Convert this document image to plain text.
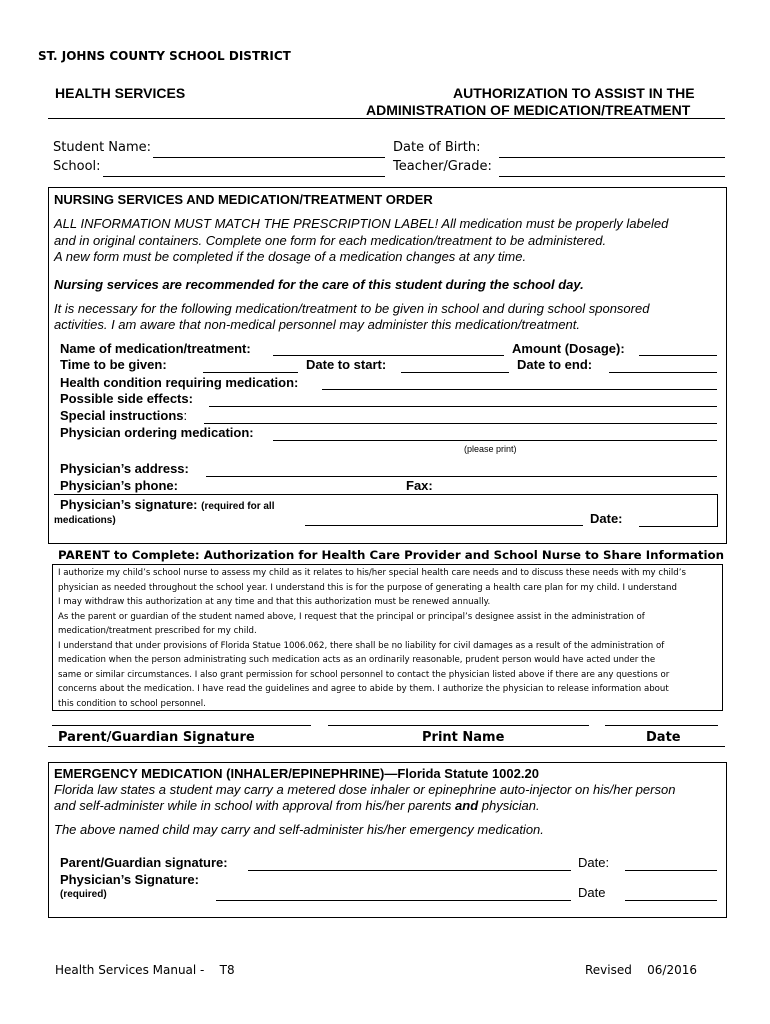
ST. JOHNS COUNTY SCHOOL DISTRICT
HEALTH SERVICES	AUTHORIZATION TO ASSIST IN THE
ADMINISTRATION OF MEDICATION/TREATMENT
Student Name:	Date of Birth:
School:	Teacher/Grade:
NURSING SERVICES AND MEDICATION/TREATMENT ORDER
ALL INFORMATION MUST MATCH THE PRESCRIPTION LABEL! All medication must be properly labeled
and in original containers. Complete one form for each medication/treatment to be administered.
A new form must be completed if the dosage of a medication changes at any time.
Nursing services are recommended for the care of this student during the school day.
It is necessary for the following medication/treatment to be given in school and during school sponsored
activities. I am aware that non-medical personnel may administer this medication/treatment.
Name of medication/treatment:	Amount (Dosage):
Time to be given:	Date to start:	Date to end:
Health condition requiring medication:
Possible side effects:
Special instructions:
Physician ordering medication:
(please print)
Physician’s address:
Physician’s phone:	Fax:
Physician’s signature: (required for all
medications)	Date:
PARENT to Complete: Authorization for Health Care Provider and School Nurse to Share Information
I authorize my child’s school nurse to assess my child as it relates to his/her special health care needs and to discuss these needs with my child’s
physician as needed throughout the school year. I understand this is for the purpose of generating a health care plan for my child. I understand
I may withdraw this authorization at any time and that this authorization must be renewed annually.
As the parent or guardian of the student named above, I request that the principal or principal’s designee assist in the administration of
medication/treatment prescribed for my child.
I understand that under provisions of Florida Statue 1006.062, there shall be no liability for civil damages as a result of the administration of
medication when the person administrating such medication acts as an ordinarily reasonable, prudent person would have acted under the
same or similar circumstances. I also grant permission for school personnel to contact the physician listed above if there are any questions or
concerns about the medication. I have read the guidelines and agree to abide by them. I authorize the physician to release information about
this condition to school personnel.
Parent/Guardian Signature	Print Name	Date
EMERGENCY MEDICATION (INHALER/EPINEPHRINE)—Florida Statute 1002.20
Florida law states a student may carry a metered dose inhaler or epinephrine auto-injector on his/her person
and self-administer while in school with approval from his/her parents and physician.
The above named child may carry and self-administer his/her emergency medication.
Parent/Guardian signature:	Date:
Physician’s Signature:
(required)	Date
Health Services Manual -    T8	Revised    06/2016
